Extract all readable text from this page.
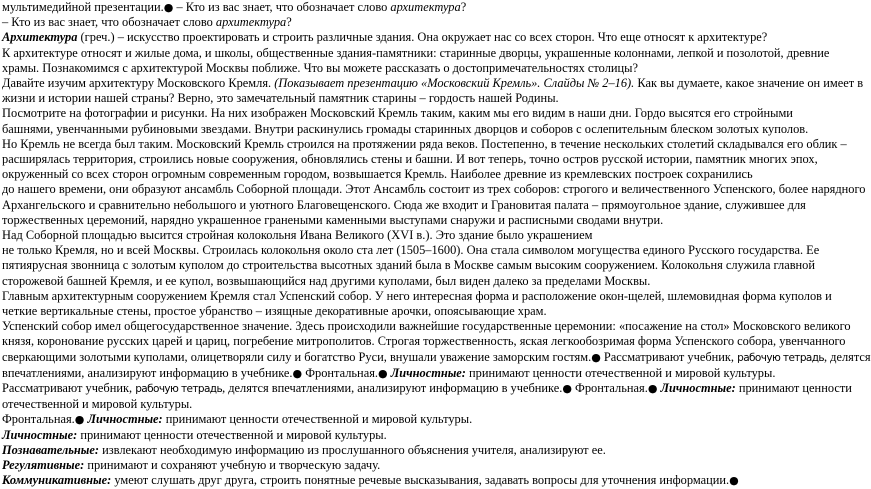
мультимедийной презентации.● – Кто из вас знает, что обозначает слово архитектура?
– Кто из вас знает, что обозначает слово архитектура?
Архитектура (греч.) – искусство проектировать и строить различные здания. Она окружает нас со всех сторон. Что еще относят к архитектуре?
К архитектуре относят и жилые дома, и школы, общественные здания-памятники: старинные дворцы, украшенные колоннами, лепкой и позолотой, древние
храмы. Познакомимся с архитектурой Москвы поближе. Что вы можете рассказать о достопримечательностях столицы?
Давайте изучим архитектуру Московского Кремля. (Показывает презентацию «Московский Кремль». Слайды № 2–16). Как вы думаете, какое значение он имеет в
жизни и истории нашей страны? Верно, это замечательный памятник старины – гордость нашей Родины.
Посмотрите на фотографии и рисунки. На них изображен Московский Кремль таким, каким мы его видим в наши дни. Гордо высятся его стройными
башнями, увенчанными рубиновыми звездами. Внутри раскинулись громады старинных дворцов и соборов с ослепительным блеском золотых куполов.
Но Кремль не всегда был таким. Московский Кремль строился на протяжении ряда веков. Постепенно, в течение нескольких столетий складывался его облик –
расширялась территория, строились новые сооружения, обновлялись стены и башни. И вот теперь, точно остров русской истории, памятник многих эпох,
окруженный со всех сторон огромным современным городом, возвышается Кремль. Наиболее древние из кремлевских построек сохранились
до нашего времени, они образуют ансамбль Соборной площади. Этот Ансамбль состоит из трех соборов: строгого и величественного Успенского, более нарядного
Архангельского и сравнительно небольшого и уютного Благовещенского. Сюда же входит и Грановитая палата – прямоугольное здание, служившее для
торжественных церемоний, нарядно украшенное гранеными каменными выступами снаружи и расписными сводами внутри.
Над Соборной площадью высится стройная колокольня Ивана Великого (XVI в.). Это здание было украшением
не только Кремля, но и всей Москвы. Строилась колокольня около ста лет (1505–1600). Она стала символом могущества единого Русского государства. Ее
пятиярусная звонница с золотым куполом до строительства высотных зданий была в Москве самым высоким сооружением. Колокольня служила главной
сторожевой башней Кремля, и ее купол, возвышающийся над другими куполами, был виден далеко за пределами Москвы.
Главным архитектурным сооружением Кремля стал Успенский собор. У него интересная форма и расположение окон-щелей, шлемовидная форма куполов и
четкие вертикальные стены, простое убранство – изящные декоративные арочки, опоясывающие храм.
Успенский собор имел общегосударственное значение. Здесь происходили важнейшие государственные церемонии: «посажение на стол» Московского великого
князя, коронование русских царей и цариц, погребение митрополитов. Строгая торжественность, яская легкообозримая форма Успенского собора, увенчанного
сверкающими золотыми куполами, олицетворяли силу и богатство Руси, внушали уважение заморским гостям.● Рассматривают учебник, рабочую тетрадь, делятся
впечатлениями, анализируют информацию в учебнике.● Фронтальная.● Личностные: принимают ценности отечественной и мировой культуры.
Рассматривают учебник, рабочую тетрадь, делятся впечатлениями, анализируют информацию в учебнике.● Фронтальная.● Личностные: принимают ценности
отечественной и мировой культуры.
Фронтальная.● Личностные: принимают ценности отечественной и мировой культуры.
Личностные: принимают ценности отечественной и мировой культуры.
Познавательные: извлекают необходимую информацию из прослушанного объяснения учителя, анализируют ее.
Регулятивные: принимают и сохраняют учебную и творческую задачу.
Коммуникативные: умеют слушать друг друга, строить понятные речевые высказывания, задавать вопросы для уточнения информации.●
